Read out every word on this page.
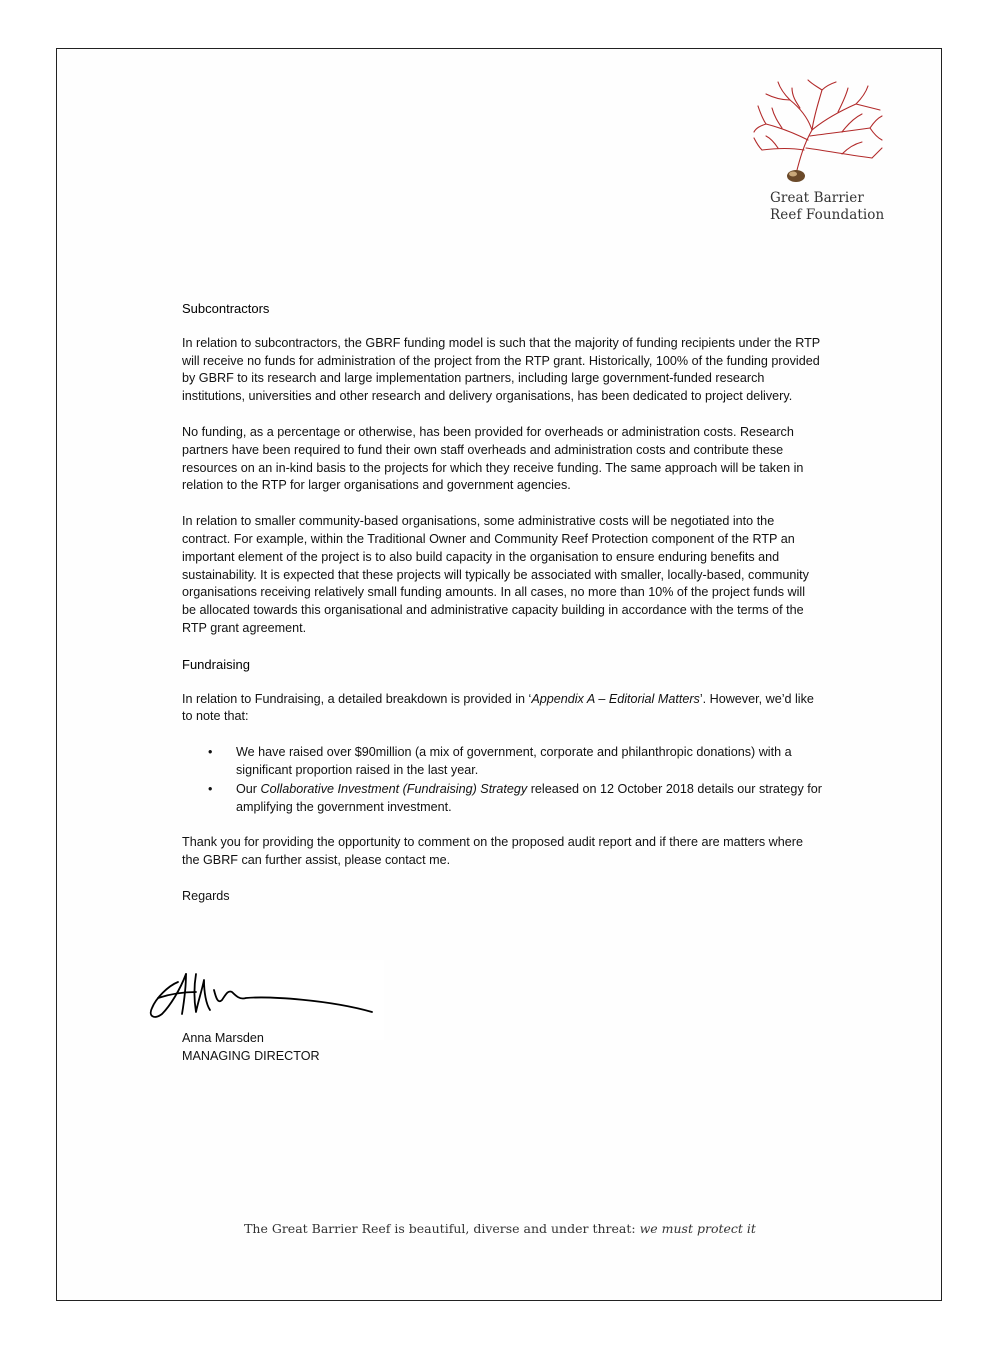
Great Barrier
Reef Foundation
Subcontractors

In relation to subcontractors, the GBRF funding model is such that the majority of funding recipients under the RTP will receive no funds for administration of the project from the RTP grant. Historically, 100% of the funding provided by GBRF to its research and large implementation partners, including large government-funded research institutions, universities and other research and delivery organisations, has been dedicated to project delivery.

No funding, as a percentage or otherwise, has been provided for overheads or administration costs. Research partners have been required to fund their own staff overheads and administration costs and contribute these resources on an in-kind basis to the projects for which they receive funding. The same approach will be taken in relation to the RTP for larger organisations and government agencies.

In relation to smaller community-based organisations, some administrative costs will be negotiated into the contract. For example, within the Traditional Owner and Community Reef Protection component of the RTP an important element of the project is to also build capacity in the organisation to ensure enduring benefits and sustainability. It is expected that these projects will typically be associated with smaller, locally-based, community organisations receiving relatively small funding amounts. In all cases, no more than 10% of the project funds will be allocated towards this organisational and administrative capacity building in accordance with the terms of the RTP grant agreement.

Fundraising

In relation to Fundraising, a detailed breakdown is provided in ‘Appendix A – Editorial Matters’. However, we’d like to note that:

• We have raised over $90million (a mix of government, corporate and philanthropic donations) with a significant proportion raised in the last year.
• Our Collaborative Investment (Fundraising) Strategy released on 12 October 2018 details our strategy for amplifying the government investment.

Thank you for providing the opportunity to comment on the proposed audit report and if there are matters where the GBRF can further assist, please contact me.

Regards

Anna Marsden
MANAGING DIRECTOR
The Great Barrier Reef is beautiful, diverse and under threat: we must protect it
